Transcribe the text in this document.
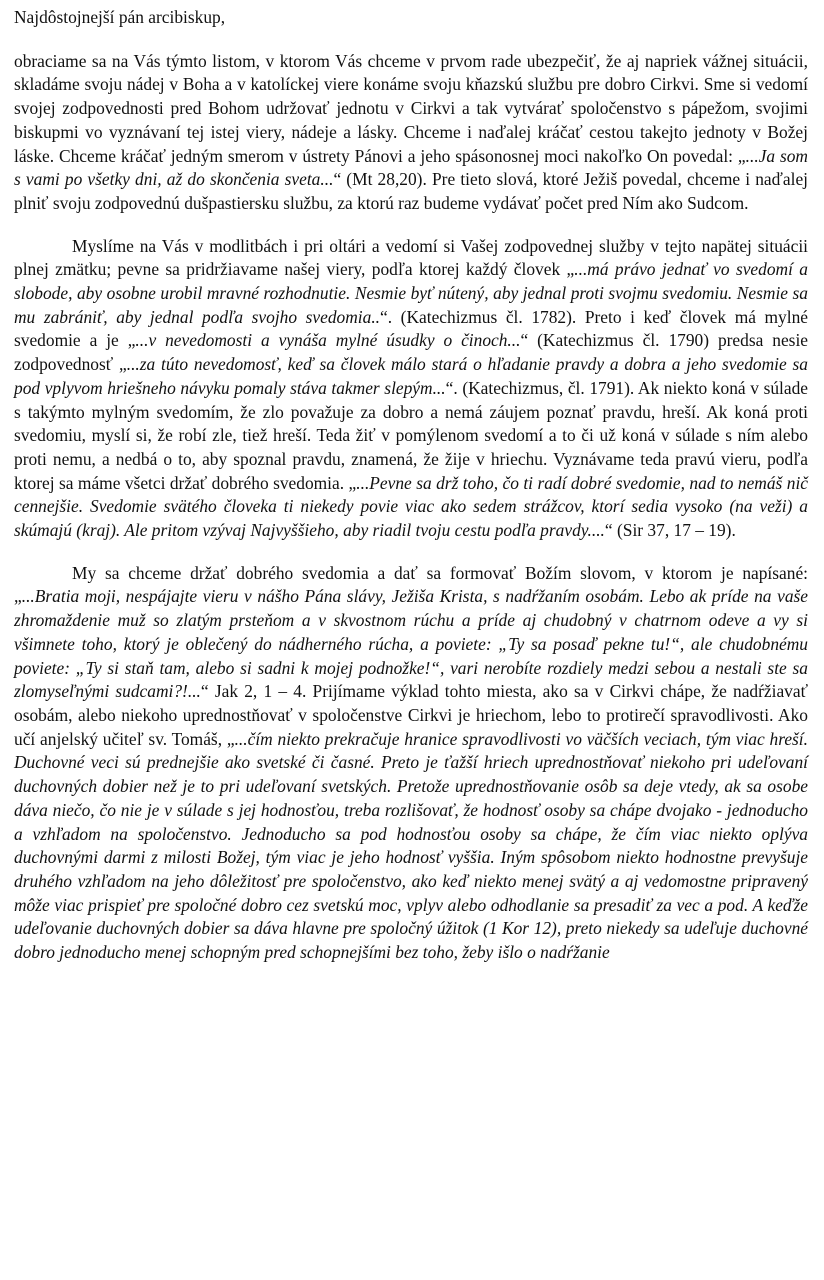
Najdôstojnejší pán arcibiskup,

obraciame sa na Vás týmto listom, v ktorom Vás chceme v prvom rade ubezpečiť, že aj napriek vážnej situácii, skladáme svoju nádej v Boha a v katolíckej viere konáme svoju kňazskú službu pre dobro Cirkvi. Sme si vedomí svojej zodpovednosti pred Bohom udržovať jednotu v Cirkvi a tak vytvárať spoločenstvo s pápežom, svojimi biskupmi vo vyznávaní tej istej viery, nádeje a lásky. Chceme i naďalej kráčať cestou takejto jednoty v Božej láske. Chceme kráčať jedným smerom v ústrety Pánovi a jeho spásonosnej moci nakoľko On povedal: „...Ja som s vami po všetky dni, až do skončenia sveta...“ (Mt 28,20). Pre tieto slová, ktoré Ježiš povedal, chceme i naďalej plniť svoju zodpovednú dušpastiersku službu, za ktorú raz budeme vydávať počet pred Ním ako Sudcom.

Myslíme na Vás v modlitbách i pri oltári a vedomí si Vašej zodpovednej služby v tejto napätej situácii plnej zmätku; pevne sa pridržiavame našej viery, podľa ktorej každý človek „...má právo jednať vo svedomí a slobode, aby osobne urobil mravné rozhodnutie. Nesmie byť nútený, aby jednal proti svojmu svedomiu. Nesmie sa mu zabrániť, aby jednal podľa svojho svedomia..“. (Katechizmus čl. 1782). Preto i keď človek má mylné svedomie a je „...v nevedomosti a vynáša mylné úsudky o činoch...“ (Katechizmus čl. 1790) predsa nesie zodpovednosť „...za túto nevedomosť, keď sa človek málo stará o hľadanie pravdy a dobra a jeho svedomie sa pod vplyvom hriešneho návyku pomaly stáva takmer slepým...“. (Katechizmus, čl. 1791). Ak niekto koná v súlade s takýmto mylným svedomím, že zlo považuje za dobro a nemá záujem poznať pravdu, hreší. Ak koná proti svedomiu, myslí si, že robí zle, tiež hreší. Teda žiť v pomýlenom svedomí a to či už koná v súlade s ním alebo proti nemu, a nedbá o to, aby spoznal pravdu, znamená, že žije v hriechu. Vyznávame teda pravú vieru, podľa ktorej sa máme všetci držať dobrého svedomia. „...Pevne sa drž toho, čo ti radí dobré svedomie, nad to nemáš nič cennejšie. Svedomie svätého človeka ti niekedy povie viac ako sedem strážcov, ktorí sedia vysoko (na veži) a skúmajú (kraj). Ale pritom vzývaj Najvyššieho, aby riadil tvoju cestu podľa pravdy....“ (Sir 37, 17 – 19).

My sa chceme držať dobrého svedomia a dať sa formovať Božím slovom, v ktorom je napísané: „...Bratia moji, nespájajte vieru v nášho Pána slávy, Ježiša Krista, s nadŕžaním osobám. Lebo ak príde na vaše zhromaždenie muž so zlatým prsteňom a v skvostnom rúchu a príde aj chudobný v chatrnom odeve a vy si všimnete toho, ktorý je oblečený do nádherného rúcha, a poviete: „Ty sa posaď pekne tu!“, ale chudobnému poviete: „Ty si staň tam, alebo si sadni k mojej podnožke!“, vari nerobíte rozdiely medzi sebou a nestali ste sa zlomyseľnými sudcami?!...“ Jak 2, 1 – 4. Prijímame výklad tohto miesta, ako sa v Cirkvi chápe, že nadŕžiavať osobám, alebo niekoho uprednostňovať v spoločenstve Cirkvi je hriechom, lebo to protirečí spravodlivosti. Ako učí anjelský učiteľ sv. Tomáš, „...čím niekto prekračuje hranice spravodlivosti vo väčších veciach, tým viac hreší. Duchovné veci sú prednejšie ako svetské či časné. Preto je ťažší hriech uprednostňovať niekoho pri udeľovaní duchovných dobier než je to pri udeľovaní svetských. Pretože uprednostňovanie osôb sa deje vtedy, ak sa osobe dáva niečo, čo nie je v súlade s jej hodnosťou, treba rozlišovať, že hodnosť osoby sa chápe dvojako - jednoducho a vzhľadom na spoločenstvo. Jednoducho sa pod hodnosťou osoby sa chápe, že čím viac niekto oplýva duchovnými darmi z milosti Božej, tým viac je jeho hodnosť vyššia. Iným spôsobom niekto hodnostne prevyšuje druhého vzhľadom na jeho dôležitosť pre spoločenstvo, ako keď niekto menej svätý a aj vedomostne pripravený môže viac prispieť pre spoločné dobro cez svetskú moc, vplyv alebo odhodlanie sa presadiť za vec a pod. A keďže udeľovanie duchovných dobier sa dáva hlavne pre spoločný úžitok (1 Kor 12), preto niekedy sa udeľuje duchovné dobro jednoducho menej schopným pred schopnejšími bez toho, žeby išlo o nadŕžanie
